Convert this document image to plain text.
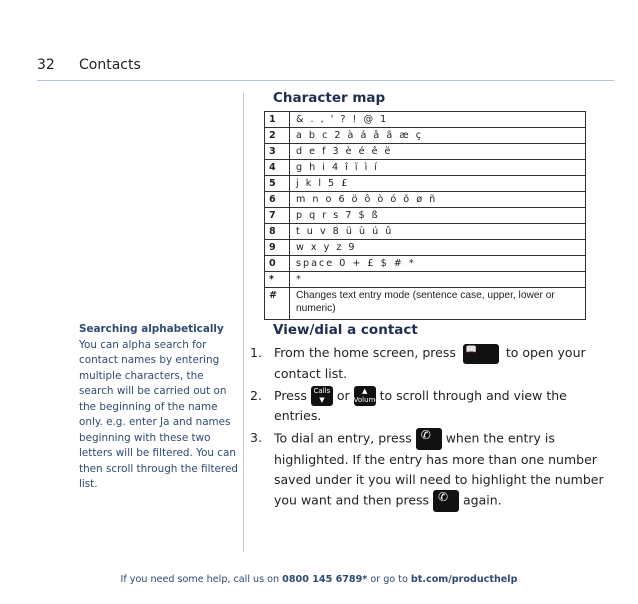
32 Contacts
Character map
1	& . , ' ? ! @ 1
2	a b c 2 à á â ã æ ç
3	d e f 3 è é ê ë
4	g h i 4 î ï ì í
5	j k l 5 £
6	m n o 6 ö ô ò ó õ ø ñ
7	p q r s 7 $ ß
8	t u v 8 ü ù ú û
9	w x y z 9
0	space 0 + £ $ # *
*	*
#	Changes text entry mode (sentence case, upper, lower or numeric)
Searching alphabetically
You can alpha search for contact names by entering multiple characters, the search will be carried out on the beginning of the name only. e.g. enter Ja and names beginning with these two letters will be filtered. You can then scroll through the filtered list.
View/dial a contact
1. From the home screen, press 📖 to open your contact list.
2. Press Calls
▼ or ▲
Volume to scroll through and view the entries.
3. To dial an entry, press ✆ when the entry is highlighted. If the entry has more than one number saved under it you will need to highlight the number you want and then press ✆ again.
If you need some help, call us on 0800 145 6789* or go to bt.com/producthelp
